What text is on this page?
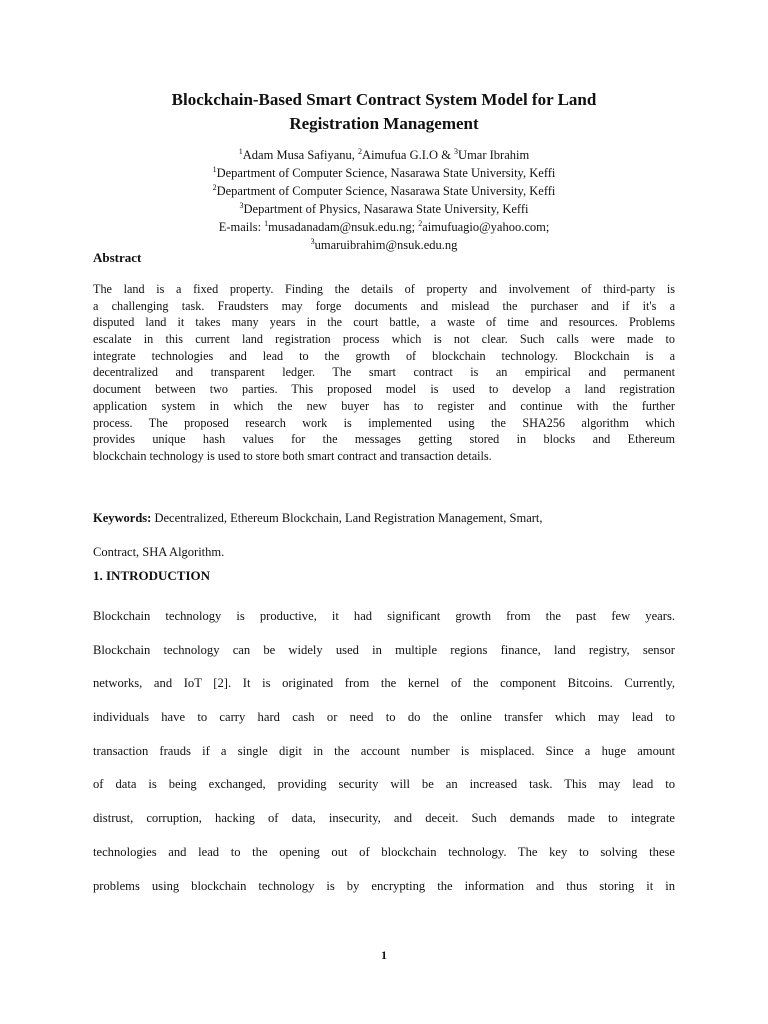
Blockchain-Based Smart Contract System Model for Land
Registration Management
$^1$Adam Musa Safiyanu, $^2$Aimufua G.I.O & $^3$Umar Ibrahim
$^1$Department of Computer Science, Nasarawa State University, Keffi
$^2$Department of Computer Science, Nasarawa State University, Keffi
$^3$Department of Physics, Nasarawa State University, Keffi
E-mails: $^1$musadanadam@nsuk.edu.ng; $^2$aimufuagio@yahoo.com;
$^3$umaruibrahim@nsuk.edu.ng
Abstract
The land is a fixed property. Finding the details of property and involvement of third-party is
a challenging task. Fraudsters may forge documents and mislead the purchaser and if it's a
disputed land it takes many years in the court battle, a waste of time and resources. Problems
escalate in this current land registration process which is not clear. Such calls were made to
integrate technologies and lead to the growth of blockchain technology. Blockchain is a
decentralized and transparent ledger. The smart contract is an empirical and permanent
document between two parties. This proposed model is used to develop a land registration
application system in which the new buyer has to register and continue with the further
process. The proposed research work is implemented using the SHA256 algorithm which
provides unique hash values for the messages getting stored in blocks and Ethereum
blockchain technology is used to store both smart contract and transaction details.
Keywords: Decentralized, Ethereum Blockchain, Land Registration Management, Smart,
Contract, SHA Algorithm.
1. INTRODUCTION
Blockchain technology is productive, it had significant growth from the past few years.
Blockchain technology can be widely used in multiple regions finance, land registry, sensor
networks, and IoT [2]. It is originated from the kernel of the component Bitcoins. Currently,
individuals have to carry hard cash or need to do the online transfer which may lead to
transaction frauds if a single digit in the account number is misplaced. Since a huge amount
of data is being exchanged, providing security will be an increased task. This may lead to
distrust, corruption, hacking of data, insecurity, and deceit. Such demands made to integrate
technologies and lead to the opening out of blockchain technology. The key to solving these
problems using blockchain technology is by encrypting the information and thus storing it in
1
